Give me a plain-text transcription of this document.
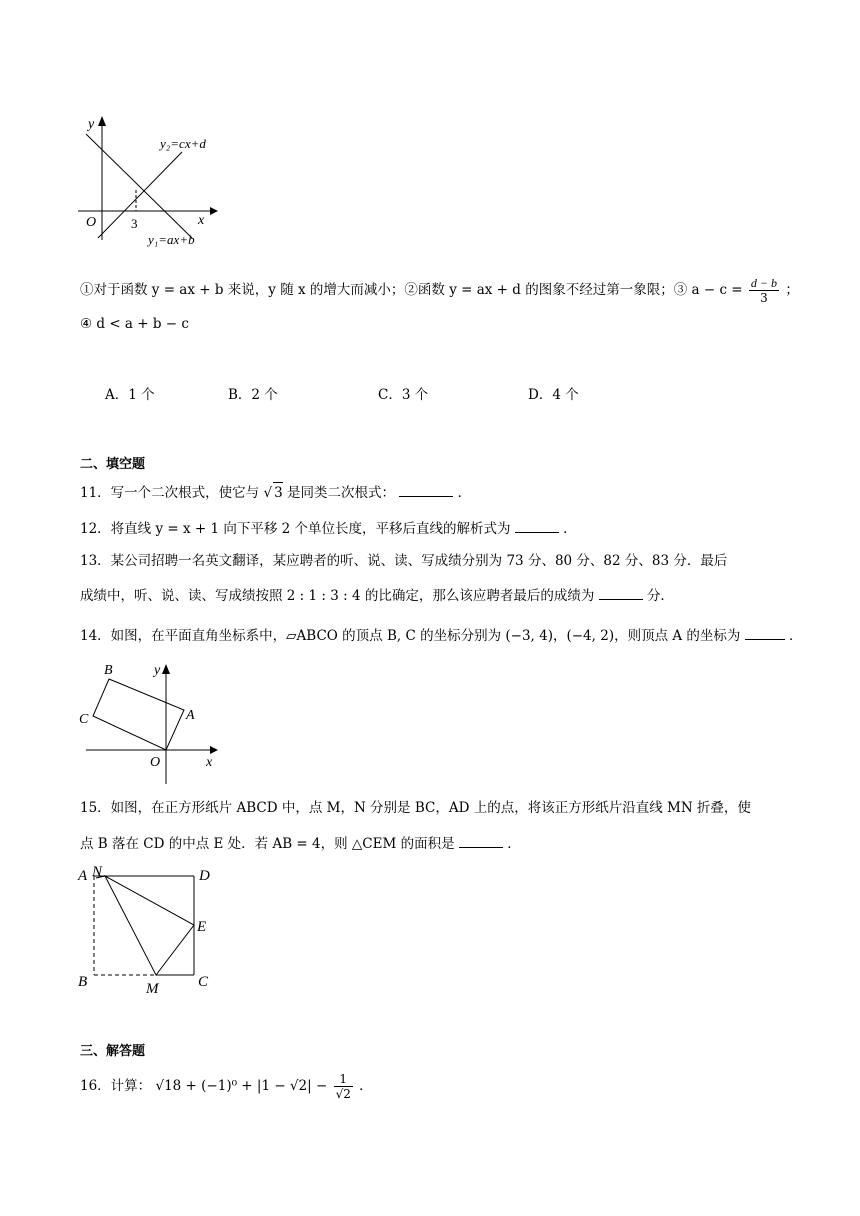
y
x
O	3
y₂=cx+d
y₁=ax+b
①对于函数 y = ax + b 来说，y 随 x 的增大而减小；②函数 y = ax + d 的图象不经过第一象限；③ $a - c = \frac{d - b}{3}$ ；
④ d < a + b − c
A．1 个	B．2 个	C．3 个	D．4 个
二、填空题
11．写一个二次根式，使它与 √ 3 是同类二次根式：	．
12．将直线 y = x + 1 向下平移 2 个单位长度，平移后直线的解析式为	．
13．某公司招聘一名英文翻译，某应聘者的听、说、读、写成绩分别为 73 分、80 分、82 分、83 分．最后
成绩中，听、说、读、写成绩按照 2 : 1 : 3 : 4 的比确定，那么该应聘者最后的成绩为	分．
14．如图，在平面直角坐标系中，▱ABCO 的顶点 B, C 的坐标分别为 (−3, 4)，(−4, 2)，则顶点 A 的坐标为	．
B
C	A
O	x
y
15．如图，在正方形纸片 ABCD 中，点 M，N 分别是 BC，AD 上的点，将该正方形纸片沿直线 MN 折叠，使
点 B 落在 CD 的中点 E 处．若 AB = 4，则 △CEM 的面积是	．
A N	D
E
B	M	C
三、解答题
16．计算： $√18 + (-1)^0 + |1 - √2| - \frac{1}{√2}$ ．
